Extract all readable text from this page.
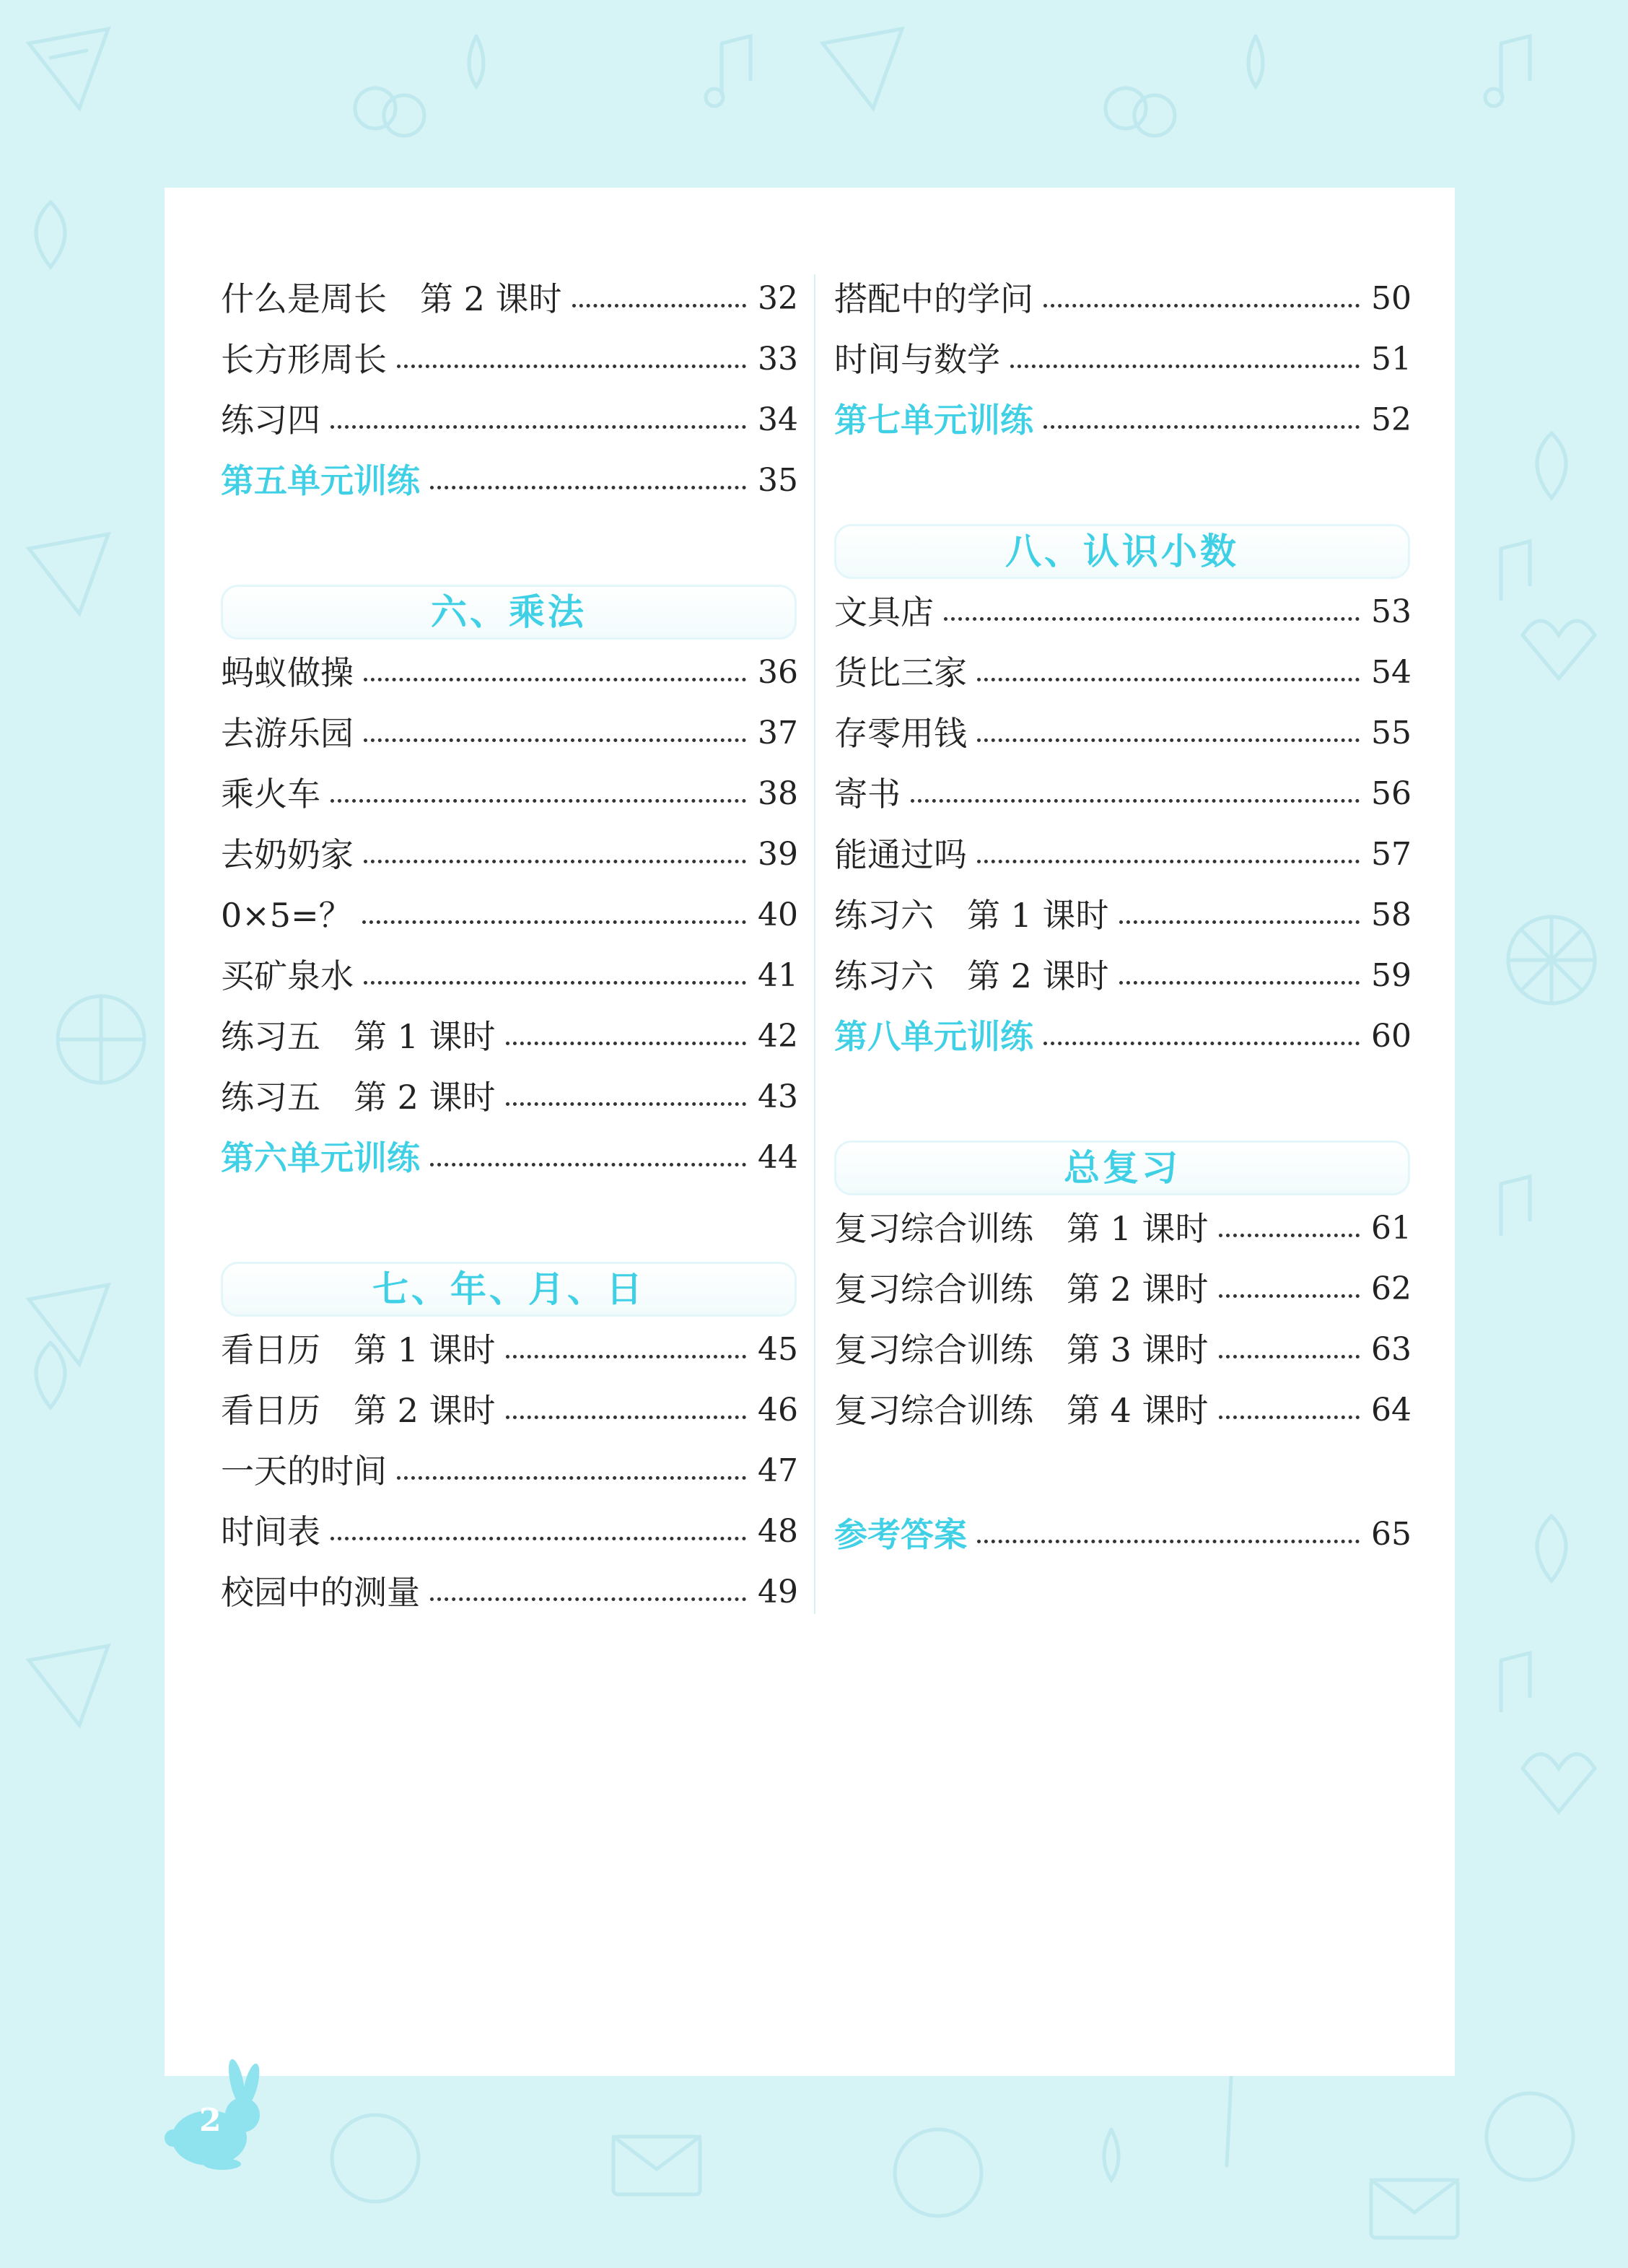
什么是周长　第 2 课时	32
长方形周长	33
练习四	34
第五单元训练	35
六、乘法
蚂蚁做操	36
去游乐园	37
乘火车	38
去奶奶家	39
0×5=？	40
买矿泉水	41
练习五　第 1 课时	42
练习五　第 2 课时	43
第六单元训练	44
七、年、月、日
看日历　第 1 课时	45
看日历　第 2 课时	46
一天的时间	47
时间表	48
校园中的测量	49
搭配中的学问	50
时间与数学	51
第七单元训练	52
八、认识小数
文具店	53
货比三家	54
存零用钱	55
寄书	56
能通过吗	57
练习六　第 1 课时	58
练习六　第 2 课时	59
第八单元训练	60
总复习
复习综合训练　第 1 课时	61
复习综合训练　第 2 课时	62
复习综合训练　第 3 课时	63
复习综合训练　第 4 课时	64
参考答案	65
2
